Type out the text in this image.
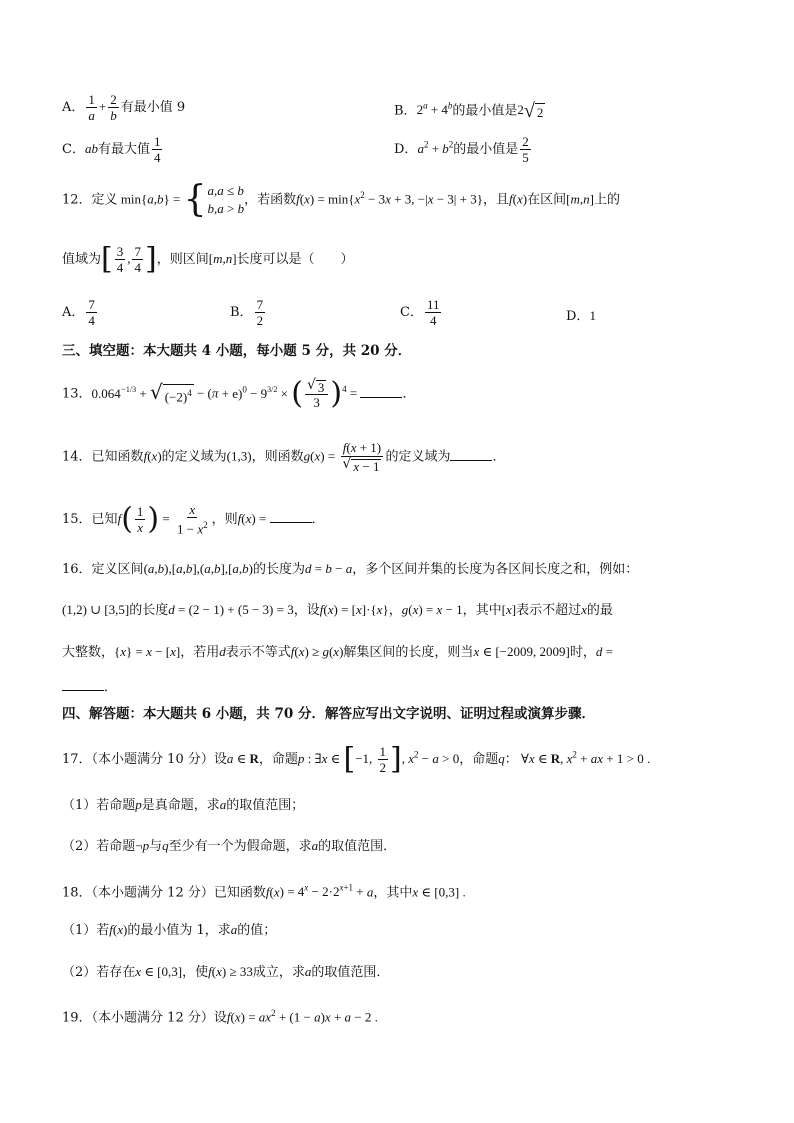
A． $\frac{1}{a} + \frac{2}{b}$ 有最小值 9	B．$2^a + 4^b$的最小值是2 √ 2
C．ab有最大值 $\frac{1}{4}$	D．$a^2 + b^2$的最小值是 $\frac{2}{5}$
12．定义 min{a,b} = { a,a ≤ b
b,a > b
，若函数$f(x) = \min\{x^2 - 3x + 3$, −|x − 3| + 3}，且f(x)在区间[m,n]上的
值域为[ $\frac{3}{4}$ , $\frac{7}{4}$ ]，则区间[m,n]长度可以是（　　）
A． $\frac{7}{4}$	B． $\frac{7}{2}$	C． $\frac{11}{4}$	D．1
三、填空题：本大题共 4 小题，每小题 5 分，共 20 分．
13．$0.064^{-1/3}$ + √ $(-2)^4 - (\pi + e)^0 - 9^{3/2}$ × ( $\frac{√ 3}{3} )^4$ =	．
14．已知函数f(x)的定义域为(1,3)，则函数$g(x) = \frac{f(x + 1)}{√ x - 1}$ 的定义域为	．
15．已知$f( \frac{1}{x}$ ) = $\frac{x}{1 - x^2}$ ，则f(x) =	．
16．定义区间(a,b),[a,b],(a,b],[a,b)的长度为d = b − a，多个区间并集的长度为各区间长度之和，例如：
(1,2) ∪ [3,5]的长度d = (2 − 1) + (5 − 3) = 3，设f(x) = [x]·{x}，g(x) = x − 1，其中[x]表示不超过x的最
大整数，{x} = x − [x]，若用d表示不等式f(x) ≥ g(x)解集区间的长度，则当x ∈ [−2009, 2009]时，d =
．
四、解答题：本大题共 6 小题，共 70 分．解答应写出文字说明、证明过程或演算步骤．
17．（本小题满分 10 分）设a ∈ R，命题p : ∃x ∈ [−1, $\frac{1}{2}$ ], $x^2 - a > 0$，命题q： ∀x ∈ R, $x^2$ + ax + 1 > 0 .
（1）若命题p是真命题，求a的取值范围；
（2）若命题¬p与q至少有一个为假命题，求a的取值范围．
18．（本小题满分 12 分）已知函数$f(x) = 4^x - 2\cdot 2^{x+1} + a$，其中x ∈ [0,3] .
（1）若f(x)的最小值为 1，求a的值；
（2）若存在x ∈ [0,3]，使f(x) ≥ 33成立，求a的取值范围．
19．（本小题满分 12 分）设$f(x) = ax^2 + (1 - a)x + a - 2$ .
